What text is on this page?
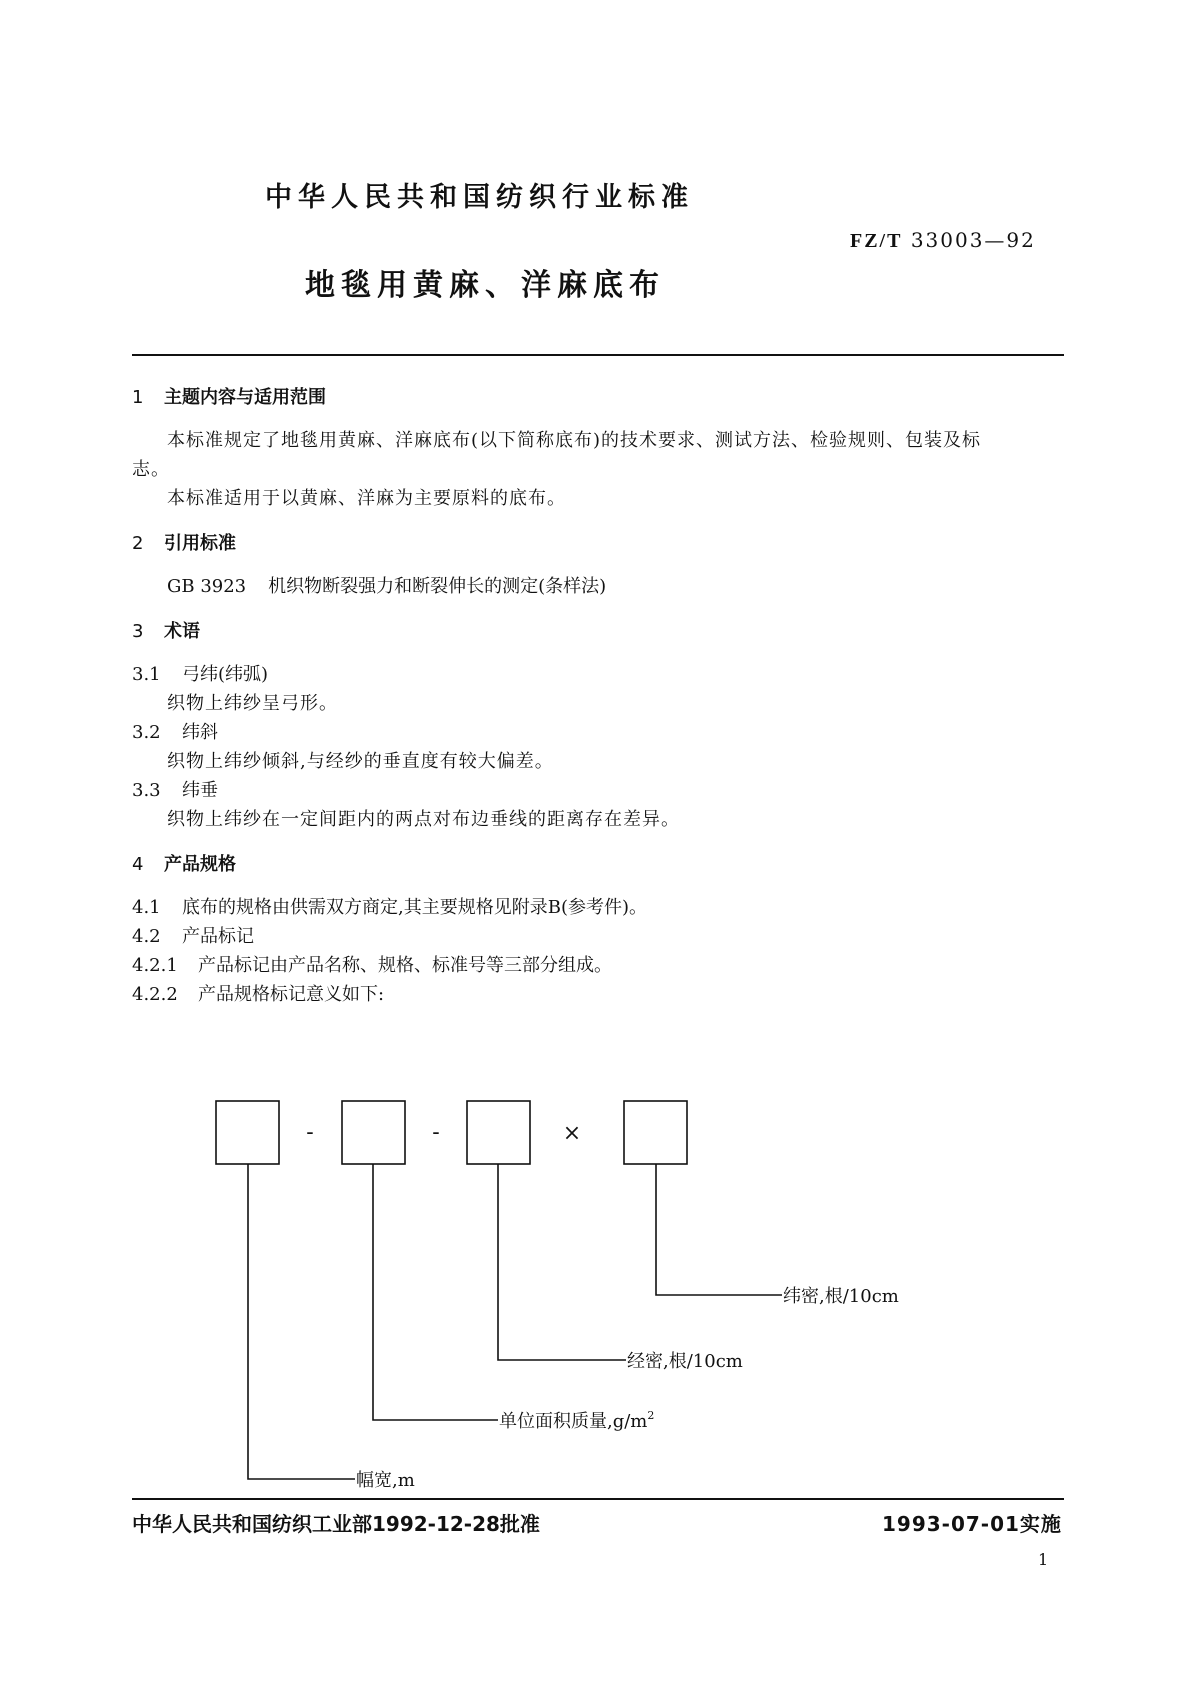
中华人民共和国纺织行业标准
FZ/T 33003—92
地毯用黄麻、洋麻底布
1 主题内容与适用范围
本标准规定了地毯用黄麻、洋麻底布(以下简称底布)的技术要求、测试方法、检验规则、包装及标
志。
本标准适用于以黄麻、洋麻为主要原料的底布。
2 引用标准
GB 3923 机织物断裂强力和断裂伸长的测定(条样法)
3 术语
3.1 弓纬(纬弧)
织物上纬纱呈弓形。
3.2 纬斜
织物上纬纱倾斜,与经纱的垂直度有较大偏差。
3.3 纬垂
织物上纬纱在一定间距内的两点对布边垂线的距离存在差异。
4 产品规格
4.1 底布的规格由供需双方商定,其主要规格见附录B(参考件)。
4.2 产品标记
4.2.1 产品标记由产品名称、规格、标准号等三部分组成。
4.2.2 产品规格标记意义如下:
-	-	×
纬密,根/10cm
经密,根/10cm
单位面积质量$,g/m^2$
幅宽,m
中华人民共和国纺织工业部1992-12-28批准	1993-07-01实施
1
